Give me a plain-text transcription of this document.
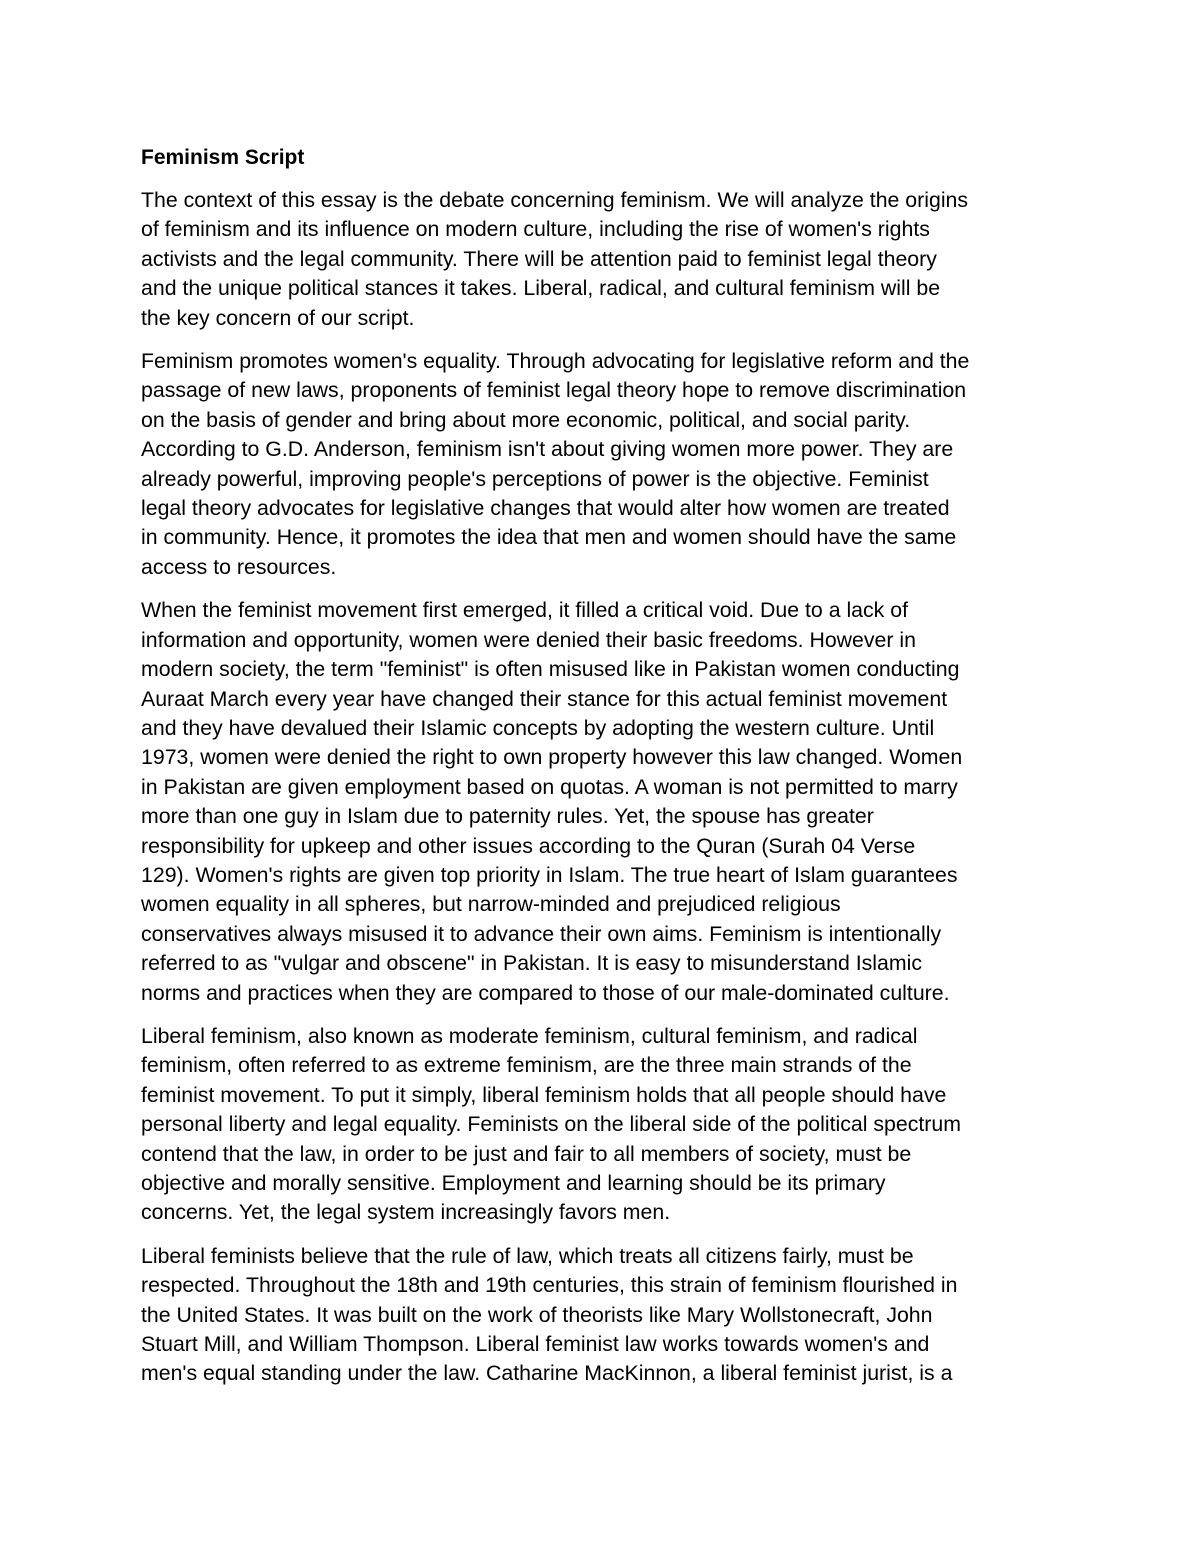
Feminism Script
The context of this essay is the debate concerning feminism. We will analyze the origins
of feminism and its influence on modern culture, including the rise of women's rights
activists and the legal community. There will be attention paid to feminist legal theory
and the unique political stances it takes. Liberal, radical, and cultural feminism will be
the key concern of our script.
Feminism promotes women's equality. Through advocating for legislative reform and the
passage of new laws, proponents of feminist legal theory hope to remove discrimination
on the basis of gender and bring about more economic, political, and social parity.
According to G.D. Anderson, feminism isn't about giving women more power. They are
already powerful, improving people's perceptions of power is the objective. Feminist
legal theory advocates for legislative changes that would alter how women are treated
in community. Hence, it promotes the idea that men and women should have the same
access to resources.
When the feminist movement first emerged, it filled a critical void. Due to a lack of
information and opportunity, women were denied their basic freedoms. However in
modern society, the term "feminist" is often misused like in Pakistan women conducting
Auraat March every year have changed their stance for this actual feminist movement
and they have devalued their Islamic concepts by adopting the western culture. Until
1973, women were denied the right to own property however this law changed. Women
in Pakistan are given employment based on quotas. A woman is not permitted to marry
more than one guy in Islam due to paternity rules. Yet, the spouse has greater
responsibility for upkeep and other issues according to the Quran (Surah 04 Verse
129). Women's rights are given top priority in Islam. The true heart of Islam guarantees
women equality in all spheres, but narrow-minded and prejudiced religious
conservatives always misused it to advance their own aims. Feminism is intentionally
referred to as "vulgar and obscene" in Pakistan. It is easy to misunderstand Islamic
norms and practices when they are compared to those of our male-dominated culture.
Liberal feminism, also known as moderate feminism, cultural feminism, and radical
feminism, often referred to as extreme feminism, are the three main strands of the
feminist movement. To put it simply, liberal feminism holds that all people should have
personal liberty and legal equality. Feminists on the liberal side of the political spectrum
contend that the law, in order to be just and fair to all members of society, must be
objective and morally sensitive. Employment and learning should be its primary
concerns. Yet, the legal system increasingly favors men.
Liberal feminists believe that the rule of law, which treats all citizens fairly, must be
respected. Throughout the 18th and 19th centuries, this strain of feminism flourished in
the United States. It was built on the work of theorists like Mary Wollstonecraft, John
Stuart Mill, and William Thompson. Liberal feminist law works towards women's and
men's equal standing under the law. Catharine MacKinnon, a liberal feminist jurist, is a
